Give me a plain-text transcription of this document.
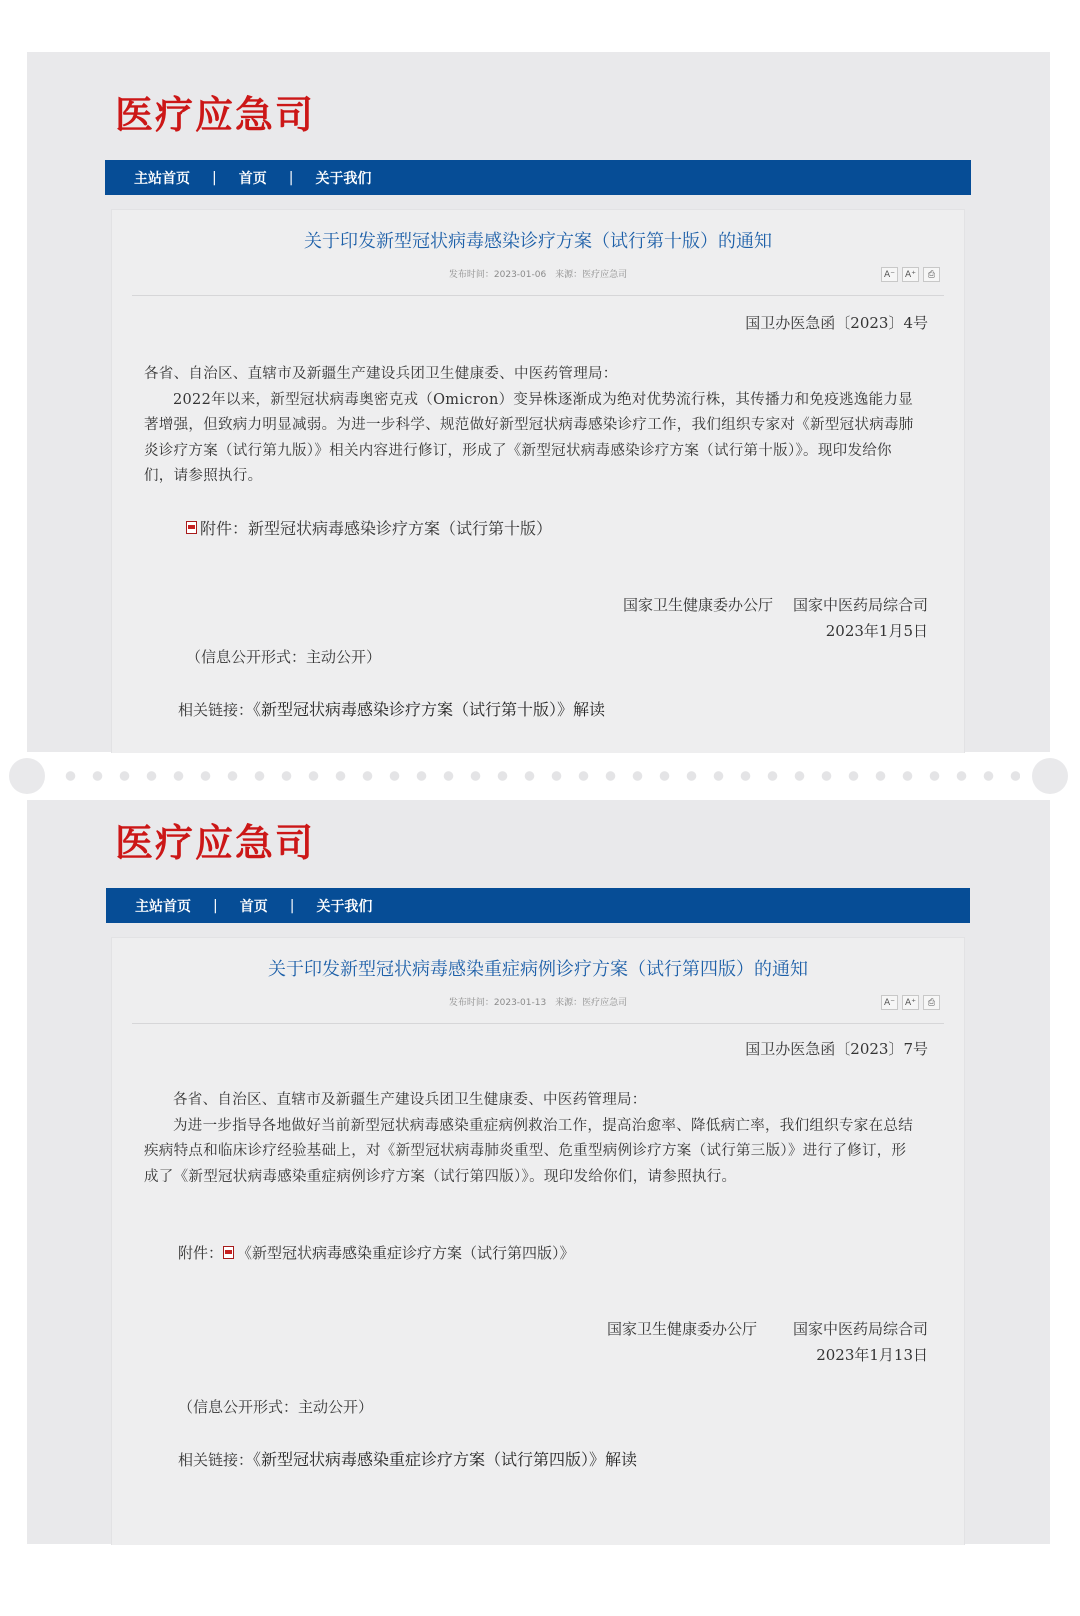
医疗应急司
主站首页	|	首页	|	关于我们
关于印发新型冠状病毒感染诊疗方案（试行第十版）的通知
发布时间：2023-01-06 来源：医疗应急司	A⁻	A⁺	⎙
国卫办医急函〔2023〕4号

各省、自治区、直辖市及新疆生产建设兵团卫生健康委、中医药管理局：

2022年以来，新型冠状病毒奥密克戎（Omicron）变异株逐渐成为绝对优势流行株，其传播力和免疫逃逸能力显著增强，但致病力明显减弱。为进一步科学、规范做好新型冠状病毒感染诊疗工作，我们组织专家对《新型冠状病毒肺炎诊疗方案（试行第九版）》相关内容进行修订，形成了《新型冠状病毒感染诊疗方案（试行第十版）》。现印发给你们，请参照执行。

附件：新型冠状病毒感染诊疗方案（试行第十版）
国家卫生健康委办公厅 国家中医药局综合司
2023年1月5日
（信息公开形式：主动公开）
相关链接：《新型冠状病毒感染诊疗方案（试行第十版）》解读
医疗应急司
主站首页	|	首页	|	关于我们
关于印发新型冠状病毒感染重症病例诊疗方案（试行第四版）的通知
发布时间：2023-01-13 来源：医疗应急司	A⁻	A⁺	⎙
国卫办医急函〔2023〕7号

各省、自治区、直辖市及新疆生产建设兵团卫生健康委、中医药管理局：

为进一步指导各地做好当前新型冠状病毒感染重症病例救治工作，提高治愈率、降低病亡率，我们组织专家在总结疾病特点和临床诊疗经验基础上，对《新型冠状病毒肺炎重型、危重型病例诊疗方案（试行第三版）》进行了修订，形成了《新型冠状病毒感染重症病例诊疗方案（试行第四版）》。现印发给你们，请参照执行。

附件： 《新型冠状病毒感染重症诊疗方案（试行第四版）》
国家卫生健康委办公厅 国家中医药局综合司
2023年1月13日
（信息公开形式：主动公开）
相关链接：《新型冠状病毒感染重症诊疗方案（试行第四版）》解读
